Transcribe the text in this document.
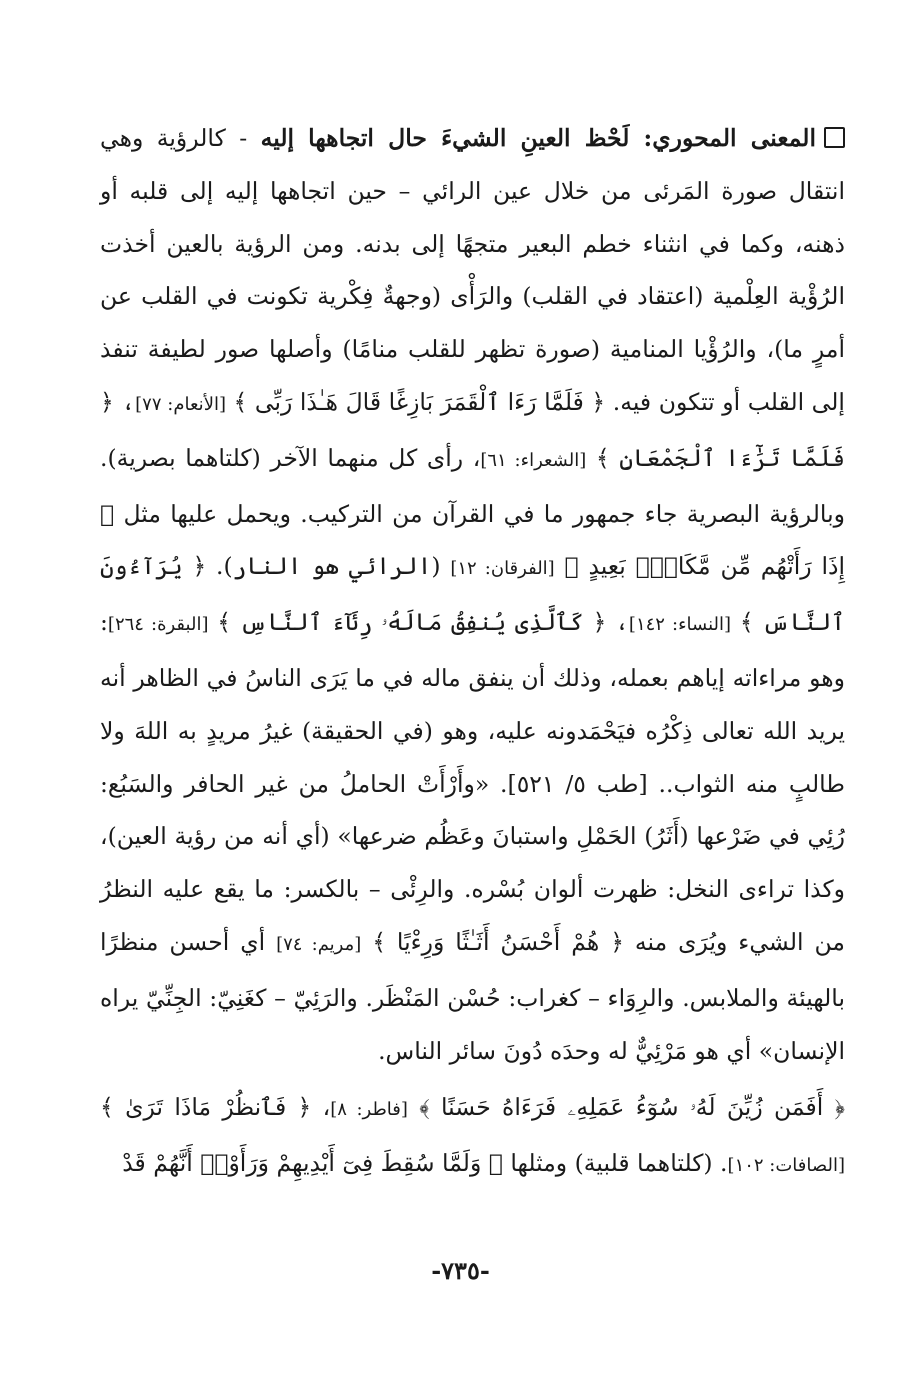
المعنى المحوري: لَحْظ العينِ الشيءَ حال اتجاهها إليه - كالرؤية وهي انتقال صورة المَرئى من خلال عين الرائي – حين اتجاهها إليه إلى قلبه أو ذهنه، وكما في انثناء خطم البعير متجهًا إلى بدنه. ومن الرؤية بالعين أخذت الرُؤْية العِلْمية (اعتقاد في القلب) والرَأْى (وجهةٌ فِكْرية تكونت في القلب عن أمرٍ ما)، والرُؤْيا المنامية (صورة تظهر للقلب منامًا) وأصلها صور لطيفة تنفذ إلى القلب أو تتكون فيه. ﴿ فَلَمَّا رَءَا ٱلْقَمَرَ بَازِغًا قَالَ هَـٰذَا رَبِّى ﴾ [الأنعام: ٧٧]، ﴿ فَلَمَّا تَرَٰٓءَا ٱلْجَمْعَانِ ﴾ [الشعراء: ٦١]، رأى كل منهما الآخر (كلتاهما بصرية). وبالرؤية البصرية جاء جمهور ما في القرآن من التركيب. ويحمل عليها مثل ﴿ إِذَا رَأَتْهُم مِّن مَّكَانٍۭ بَعِيدٍ ﴾ [الفرقان: ١٢] (الرائي هو النار). ﴿ يُرَآءُونَ ٱلنَّاسَ ﴾ [النساء: ١٤٢]، ﴿ كَٱلَّذِى يُنفِقُ مَالَهُۥ رِئَآءَ ٱلنَّاسِ ﴾ [البقرة: ٢٦٤]: وهو مراءاته إياهم بعمله، وذلك أن ينفق ماله في ما يَرَى الناسُ في الظاهر أنه يريد الله تعالى ذِكْرُه فيَحْمَدونه عليه، وهو (في الحقيقة) غيرُ مريدٍ به اللهَ ولا طالبٍ منه الثواب.. [طب ٥/ ٥٢١]. «وأَرْأَتْ الحاملُ من غير الحافر والسَبُع: رُئِي في ضَرْعها (أَثَرُ) الحَمْلِ واستبانَ وعَظُم ضرعها» (أي أنه من رؤية العين)، وكذا تراءى النخل: ظهرت ألوان بُسْره. والرِئْى – بالكسر: ما يقع عليه النظرُ من الشيء ويُرَى منه ﴿ هُمْ أَحْسَنُ أَثَـٰثًا وَرِءْيًا ﴾ [مريم: ٧٤] أي أحسن منظرًا بالهيئة والملابس. والرِوَاء – كغراب: حُسْن المَنْظَر. والرَئِيّ – كغَنِيّ: الجِنِّيّ يراه الإنسان» أي هو مَرْئِيٌّ له وحدَه دُونَ سائر الناس.

﴿ أَفَمَن زُيِّنَ لَهُۥ سُوٓءُ عَمَلِهِۦ فَرَءَاهُ حَسَنًا ﴾ [فاطر: ٨]، ﴿ فَٱنظُرْ مَاذَا تَرَىٰ ﴾ [الصافات: ١٠٢]. (كلتاهما قلبية) ومثلها ﴿ وَلَمَّا سُقِطَ فِىٓ أَيْدِيهِمْ وَرَأَوْا۟ أَنَّهُمْ قَدْ

-٧٣٥-
